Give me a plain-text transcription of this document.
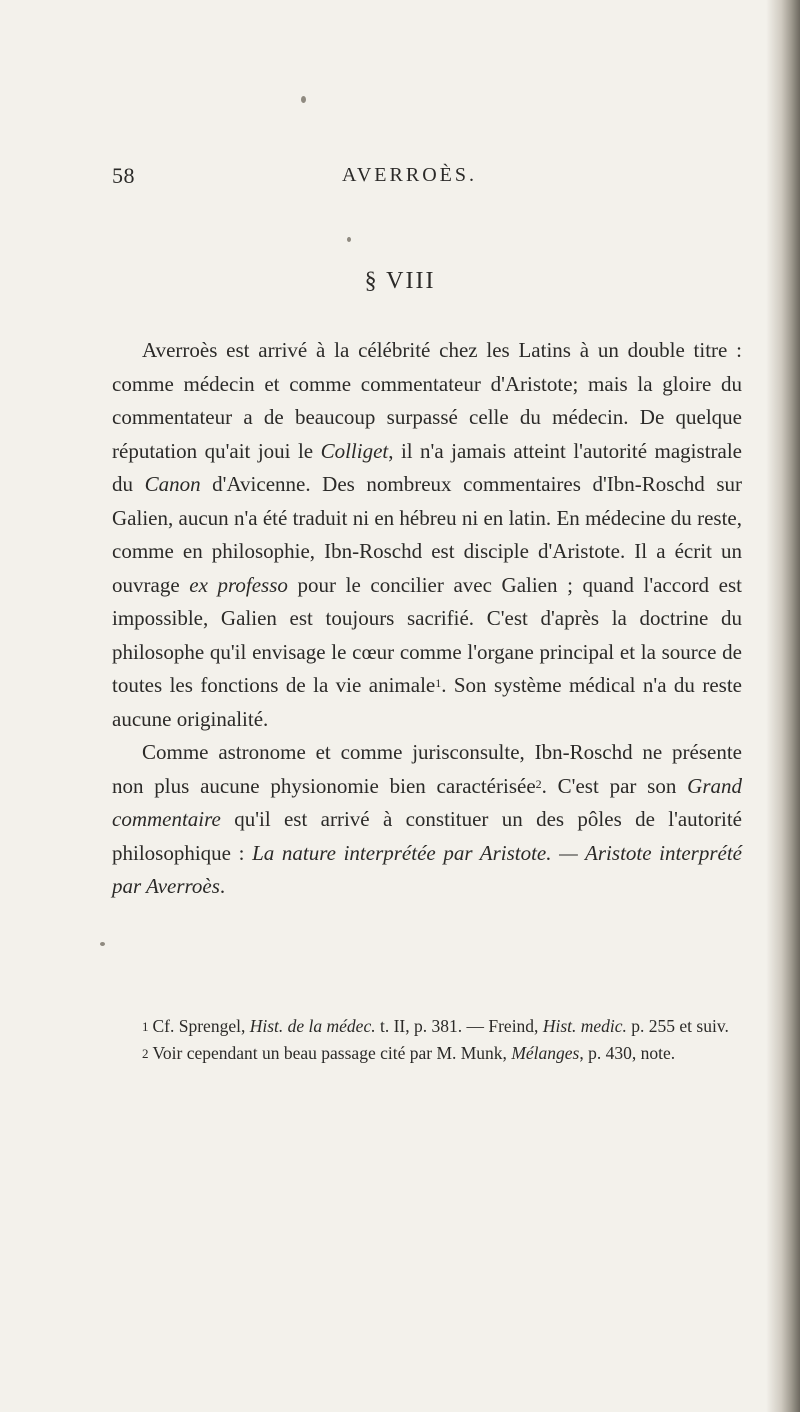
58	AVERROÈS.
§ VIII

Averroès est arrivé à la célébrité chez les Latins à un double titre : comme médecin et comme commentateur d'Aristote; mais la gloire du commentateur a de beaucoup surpassé celle du médecin. De quelque réputation qu'ait joui le Colliget, il n'a jamais atteint l'autorité magistrale du Canon d'Avicenne. Des nombreux commentaires d'Ibn-Roschd sur Galien, aucun n'a été traduit ni en hébreu ni en latin. En médecine du reste, comme en philosophie, Ibn-Roschd est disciple d'Aristote. Il a écrit un ouvrage ex professo pour le concilier avec Galien ; quand l'accord est impossible, Galien est toujours sacrifié. C'est d'après la doctrine du philosophe qu'il envisage le cœur comme l'organe principal et la source de toutes les fonctions de la vie animale$^1$. Son système médical n'a du reste aucune originalité.

Comme astronome et comme jurisconsulte, Ibn-Roschd ne présente non plus aucune physionomie bien caractérisée$^2$. C'est par son Grand commentaire qu'il est arrivé à constituer un des pôles de l'autorité philosophique : La nature interprétée par Aristote. — Aristote interprété par Averroès.

$^1$ Cf. Sprengel, Hist. de la médec. t. II, p. 381. — Freind, Hist. medic. p. 255 et suiv.

$^2$ Voir cependant un beau passage cité par M. Munk, Mélanges, p. 430, note.
